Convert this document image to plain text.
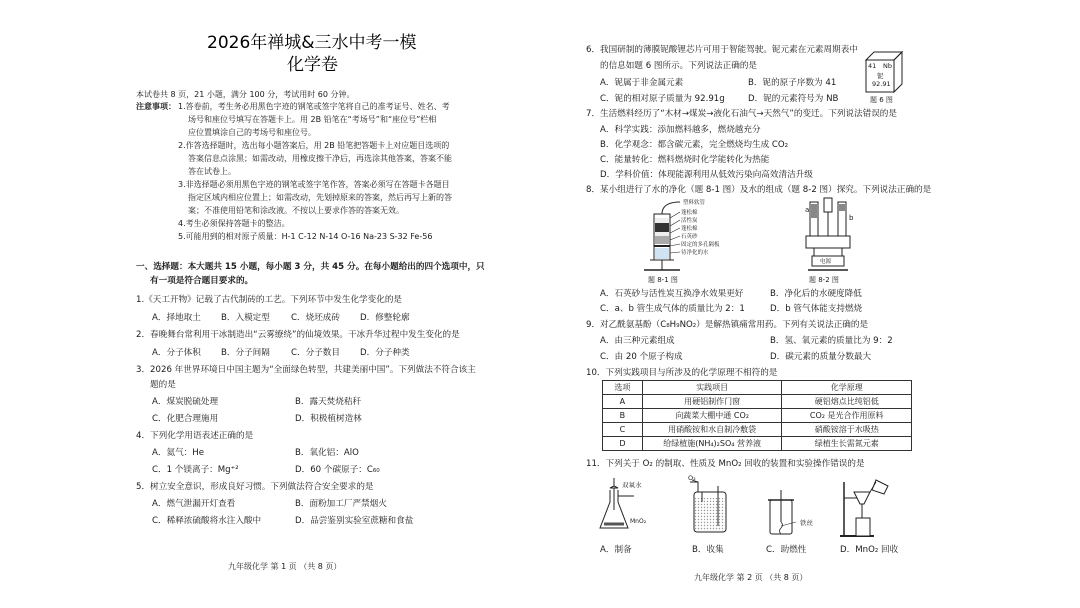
2026年禅城&三水中考一模
化学卷
本试卷共 8 页，21 小题，满分 100 分，考试用时 60 分钟。
注意事项： 1.答卷前，考生务必用黑色字迹的钢笔或签字笔将自己的准考证号、姓名、考
场号和座位号填写在答题卡上。用 2B 铅笔在“考场号”和“座位号”栏相
应位置填涂自己的考场号和座位号。
2.作答选择题时，选出每小题答案后，用 2B 铅笔把答题卡上对应题目选项的
答案信息点涂黑；如需改动，用橡皮擦干净后，再选涂其他答案，答案不能
答在试卷上。
3.非选择题必须用黑色字迹的钢笔或签字笔作答，答案必须写在答题卡各题目
指定区域内相应位置上；如需改动，先划掉原来的答案，然后再写上新的答
案；不准使用铅笔和涂改液。不按以上要求作答的答案无效。
4.考生必须保持答题卡的整洁。
5.可能用到的相对原子质量：H-1 C-12 N-14 O-16 Na-23 S-32 Fe-56
一、选择题：本大题共 15 小题，每小题 3 分，共 45 分。在每小题给出的四个选项中，只
有一项是符合题目要求的。
1.《天工开物》记载了古代制砖的工艺。下列环节中发生化学变化的是
A．择地取土 B．入模定型 C．烧坯成砖 D．修整轮廓
2．春晚舞台常利用干冰制造出“云雾缭绕”的仙境效果。干冰升华过程中发生变化的是
A．分子体积 B．分子间隔 C．分子数目 D．分子种类
3．2026 年世界环境日中国主题为“全面绿色转型，共建美丽中国”。下列做法不符合该主
题的是
A．煤炭脱硫处理	B．露天焚烧秸秆
C．化肥合理施用	D．积极植树造林
4．下列化学用语表述正确的是
A．氦气：He	B．氧化铝：AlO
C．1 个镁离子：Mg⁺²	D．60 个碳原子：C₆₀
5．树立安全意识，形成良好习惯。下列做法符合安全要求的是
A．燃气泄漏开灯查看	B．面粉加工厂严禁烟火
C．稀释浓硫酸将水注入酸中	D．品尝鉴别实验室蔗糖和食盐
九年级化学 第 1 页 （共 8 页）
6．我国研制的薄膜铌酸锂芯片可用于智能驾驶。铌元素在元素周期表中
的信息如题 6 图所示。下列说法正确的是
A．铌属于非金属元素	B．铌的原子序数为 41
C．铌的相对原子质量为 92.91g	D．铌的元素符号为 NB
41 Nb
铌
92.91
题 6 图
7．生活燃料经历了“木材→煤炭→液化石油气→天然气”的变迁。下列说法错误的是
A．科学实践：添加燃料越多，燃烧越充分
B．化学观念：都含碳元素，完全燃烧均生成 CO₂
C．能量转化：燃料燃烧时化学能转化为热能
D．学科价值：体现能源利用从低效污染向高效清洁升级
8．某小组进行了水的净化（题 8-1 图）及水的组成（题 8-2 图）探究。下列说法正确的是
塑料软管
蓬松棉
活性炭
蓬松棉
石英砂
固定的多孔隔板
待净化的水
题 8-1 图
a
b
电源
题 8-2 图
A．石英砂与活性炭互换净水效果更好	B．净化后的水硬度降低
C．a、b 管生成气体的质量比为 2：1	D．b 管气体能支持燃烧
9．对乙酰氨基酚（C₈H₉NO₂）是解热镇痛常用药。下列有关说法正确的是
A．由三种元素组成	B．氢、氧元素的质量比为 9：2
C．由 20 个原子构成	D．碳元素的质量分数最大
10．下列实践项目与所涉及的化学原理不相符的是
选项	实践项目	化学原理
A	用硬铝制作门窗	硬铝熔点比纯铝低
B	向蔬菜大棚中通 CO₂	CO₂ 是光合作用原料
C	用硝酸铵和水自制冷敷袋	硝酸铵溶于水吸热
D	给绿植施(NH₄)₂SO₄ 营养液	绿植生长需氮元素
11．下列关于 O₂ 的制取、性质及 MnO₂ 回收的装置和实验操作错误的是
双氧水
MnO₂
O₂
铁丝
A．制备	B．收集	C．助燃性	D．MnO₂ 回收
九年级化学 第 2 页 （共 8 页）
